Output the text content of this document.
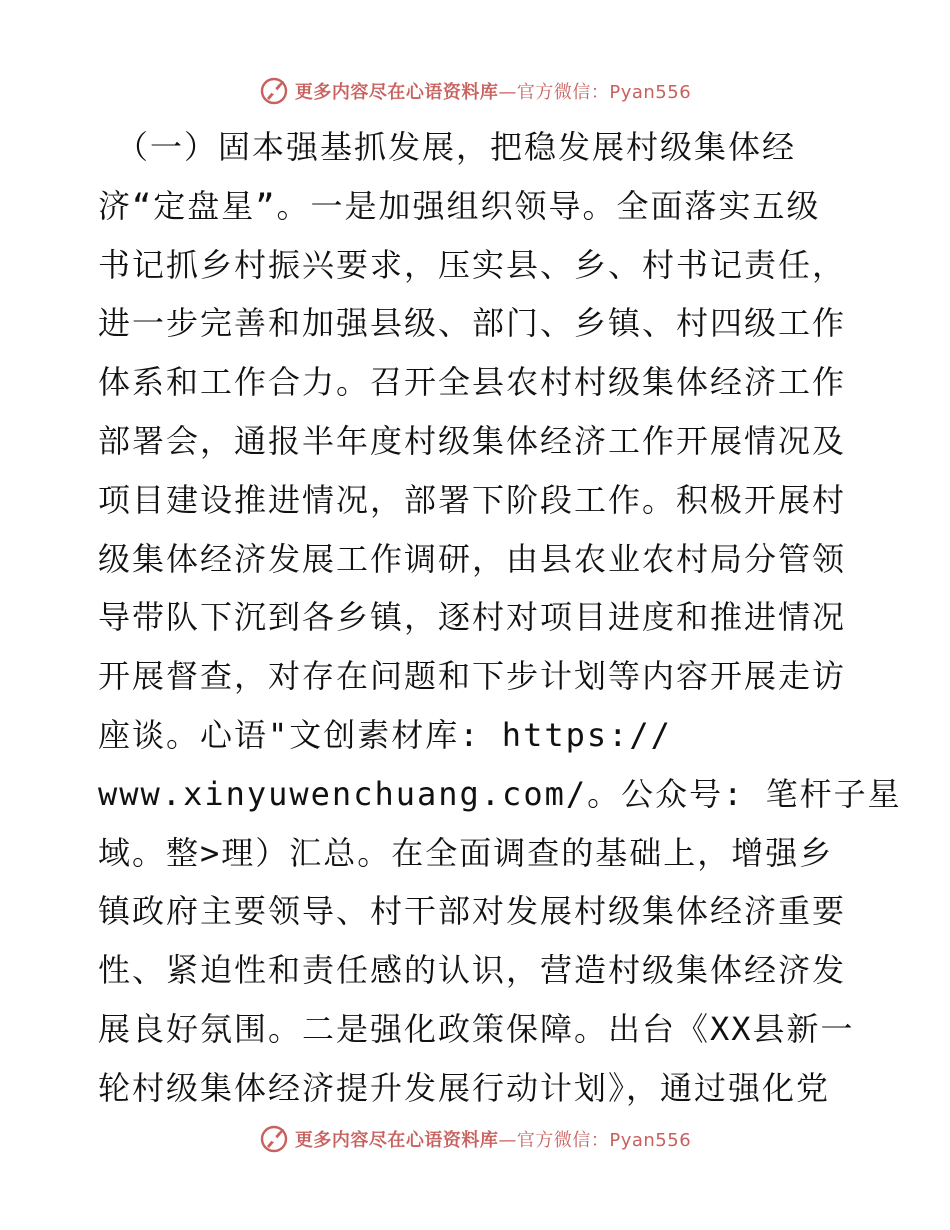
更多内容尽在心语资料库—官方微信：Pyan556
（一）固本强基抓发展，把稳发展村级集体经
济“定盘星”。一是加强组织领导。全面落实五级
书记抓乡村振兴要求，压实县、乡、村书记责任，
进一步完善和加强县级、部门、乡镇、村四级工作
体系和工作合力。召开全县农村村级集体经济工作
部署会，通报半年度村级集体经济工作开展情况及
项目建设推进情况，部署下阶段工作。积极开展村
级集体经济发展工作调研，由县农业农村局分管领
导带队下沉到各乡镇，逐村对项目进度和推进情况
开展督查，对存在问题和下步计划等内容开展走访
座谈。心语"文创素材库: https://
www.xinyuwenchuang.com/。公众号: 笔杆子星
域。整>理）汇总。在全面调查的基础上，增强乡
镇政府主要领导、村干部对发展村级集体经济重要
性、紧迫性和责任感的认识，营造村级集体经济发
展良好氛围。二是强化政策保障。出台《XX县新一
轮村级集体经济提升发展行动计划》，通过强化党
更多内容尽在心语资料库—官方微信：Pyan556
